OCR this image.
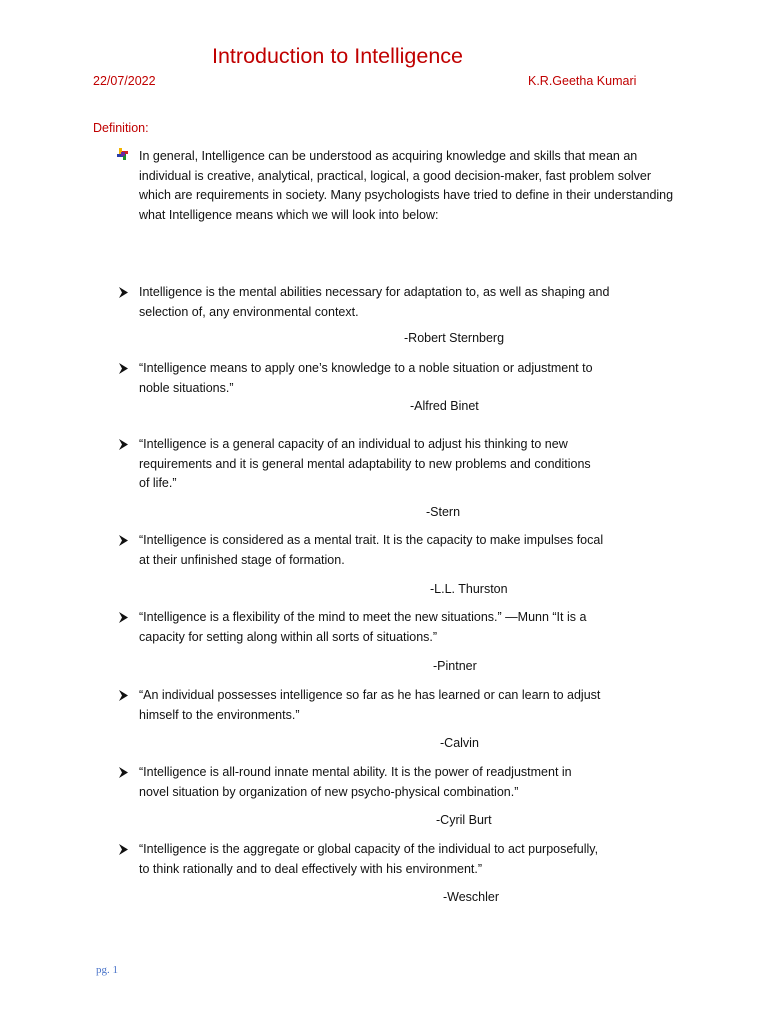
Introduction to Intelligence
22/07/2022	K.R.Geetha Kumari
Definition:
In general, Intelligence can be understood as acquiring knowledge and skills that mean an individual is creative, analytical, practical, logical, a good decision-maker, fast problem solver which are requirements in society. Many psychologists have tried to define in their understanding what Intelligence means which we will look into below:
Intelligence is the mental abilities necessary for adaptation to, as well as shaping and
selection of, any environmental context.
-Robert Sternberg
“Intelligence means to apply one’s knowledge to a noble situation or adjustment to
noble situations.”
-Alfred Binet
“Intelligence is a general capacity of an individual to adjust his thinking to new
requirements and it is general mental adaptability to new problems and conditions
of life.”
-Stern
“Intelligence is considered as a mental trait. It is the capacity to make impulses focal
at their unfinished stage of formation.
-L.L. Thurston
“Intelligence is a flexibility of the mind to meet the new situations.” —Munn “It is a
capacity for setting along within all sorts of situations.”
-Pintner
“An individual possesses intelligence so far as he has learned or can learn to adjust
himself to the environments.”
-Calvin
“Intelligence is all-round innate mental ability. It is the power of readjustment in
novel situation by organization of new psycho-physical combination.”
-Cyril Burt
“Intelligence is the aggregate or global capacity of the individual to act purposefully,
to think rationally and to deal effectively with his environment.”
-Weschler
pg. 1
